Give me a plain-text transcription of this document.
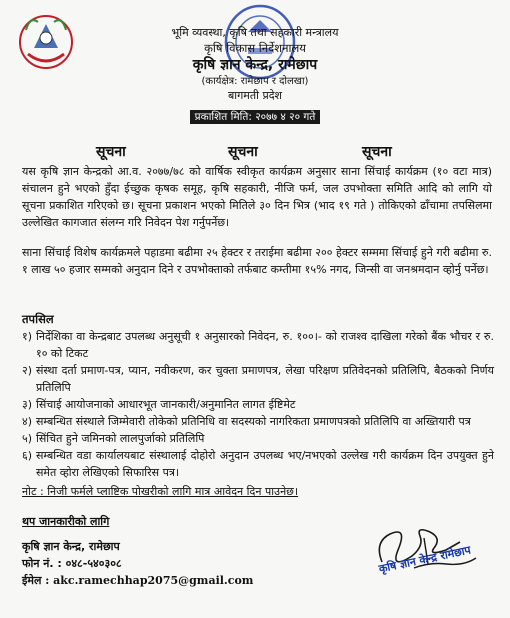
भूमि व्यवस्था, कृषि तथा सहकारी मन्त्रालय
कृषि विकास निर्देशनालय
कृषि ज्ञान केन्द्र, रामेछाप
(कार्यक्षेत्र: रामेछाप र दोलखा)
बागमती प्रदेश
प्रकाशित मिति: २०७७ ४ २० गते
सूचना	सूचना	सूचना
यस कृषि ज्ञान केन्द्रको आ.व. २०७७/७८ को वार्षिक स्वीकृत कार्यक्रम अनुसार साना सिंचाई कार्यक्रम (१० वटा मात्र) संचालन हुने भएको हुँदा ईच्छुक कृषक समूह, कृषि सहकारी, नीजि फर्म, जल उपभोक्ता समिति आदि को लागि यो सूचना प्रकाशित गरिएको छ। सूचना प्रकाशन भएको मितिले ३० दिन भित्र (भाद १९ गते ) तोकिएको ढाँचामा तपसिलमा उल्लेखित कागजात संलग्न गरि निवेदन पेश गर्नुपर्नेछ।
साना सिंचाई विशेष कार्यक्रमले पहाडमा बढीमा २५ हेक्टर र तराईमा बढीमा २०० हेक्टर सम्ममा सिंचाई हुने गरी बढीमा रु. १ लाख ५० हजार सम्मको अनुदान दिने र उपभोक्ताको तर्फबाट कम्तीमा १५% नगद, जिन्सी वा जनश्रमदान व्होर्नु पर्नेछ।
तपसिल
१) निर्देशिका वा केन्द्रबाट उपलब्ध अनुसूची १ अनुसारको निवेदन, रु. १००।- को राजश्व दाखिला गरेको बैंक भौचर र रु. १० को टिकट
२) संस्था दर्ता प्रमाण-पत्र, प्यान, नवीकरण, कर चुक्ता प्रमाणपत्र, लेखा परिक्षण प्रतिवेदनको प्रतिलिपि, बैठकको निर्णय प्रतिलिपि
३) सिंचाई आयोजनाको आधारभूत जानकारी/अनुमानित लागत ईष्टिमेट
४) सम्बन्धित संस्थाले जिम्मेवारी तोकेको प्रतिनिधि वा सदस्यको नागरिकता प्रमाणपत्रको प्रतिलिपि वा अख्तियारी पत्र
५) सिंचित हुने जमिनको लालपुर्जाको प्रतिलिपि
६) सम्बन्धित वडा कार्यालयबाट संस्थालाई दोहोरो अनुदान उपलब्ध भए/नभएको उल्लेख गरी कार्यक्रम दिन उपयुक्त हुने समेत व्होरा लेखिएको सिफारिस पत्र।
नोट : निजी फर्मले प्लाष्टिक पोखरीको लागि मात्र आवेदन दिन पाउनेछ।
थप जानकारीको लागि
कृषि ज्ञान केन्द्र, रामेछाप
फोन नं. : ०४८-५४०३०८
ईमेल : akc.ramechhap2075@gmail.com
कृषि ज्ञान केन्द्र रामेछाप
